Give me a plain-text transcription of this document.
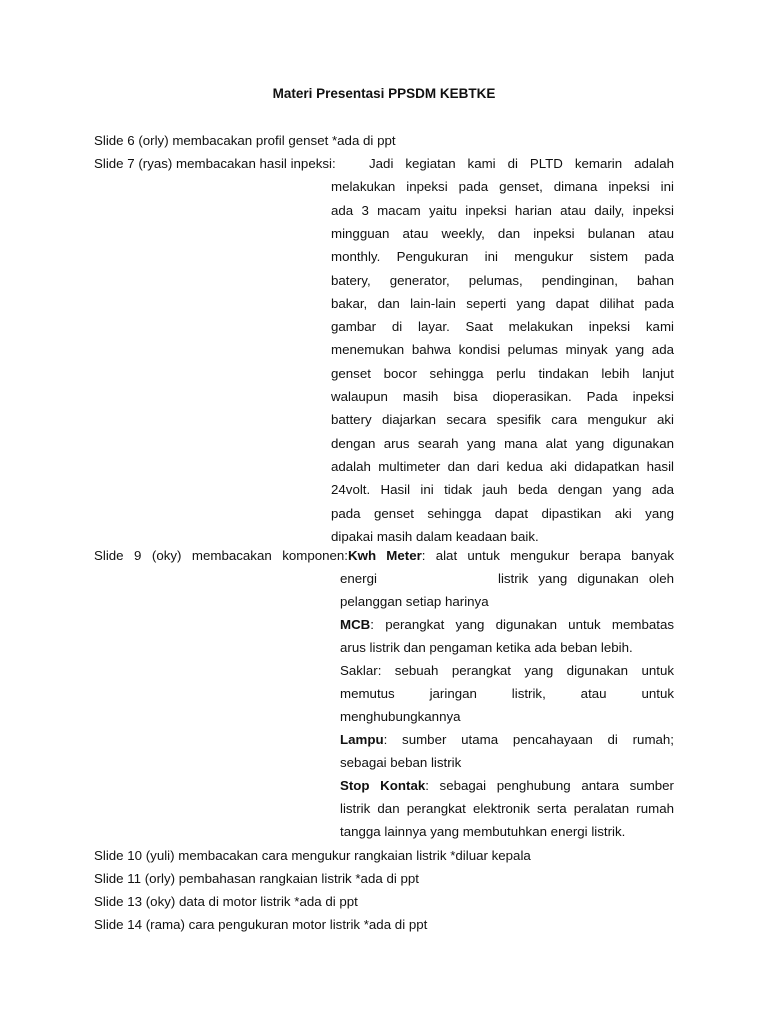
Materi Presentasi PPSDM KEBTKE
Slide 6 (orly) membacakan profil genset *ada di ppt
Slide 7 (ryas) membacakan hasil inpeksi:	Jadi kegiatan kami di PLTD kemarin adalah
melakukan inpeksi pada genset, dimana inpeksi ini
ada 3 macam yaitu inpeksi harian atau daily, inpeksi
mingguan atau weekly, dan inpeksi bulanan atau
monthly. Pengukuran ini mengukur sistem pada
batery, generator, pelumas, pendinginan, bahan
bakar, dan lain-lain seperti yang dapat dilihat pada
gambar di layar. Saat melakukan inpeksi kami
menemukan bahwa kondisi pelumas minyak yang ada
genset bocor sehingga perlu tindakan lebih lanjut
walaupun masih bisa dioperasikan. Pada inpeksi
battery diajarkan secara spesifik cara mengukur aki
dengan arus searah yang mana alat yang digunakan
adalah multimeter dan dari kedua aki didapatkan hasil
24volt. Hasil ini tidak jauh beda dengan yang ada
pada genset sehingga dapat dipastikan aki yang
dipakai masih dalam keadaan baik.
Slide 9 (oky) membacakan komponen: Kwh Meter: alat untuk mengukur berapa banyak
energi	listrik yang digunakan oleh
pelanggan setiap harinya
MCB: perangkat yang digunakan untuk membatas
arus listrik dan pengaman ketika ada beban lebih.
Saklar: sebuah perangkat yang digunakan untuk
memutus jaringan listrik, atau untuk
menghubungkannya
Lampu: sumber utama pencahayaan di rumah;
sebagai beban listrik
Stop Kontak: sebagai penghubung antara sumber
listrik dan perangkat elektronik serta peralatan rumah
tangga lainnya yang membutuhkan energi listrik.
Slide 10 (yuli) membacakan cara mengukur rangkaian listrik *diluar kepala
Slide 11 (orly) pembahasan rangkaian listrik *ada di ppt
Slide 13 (oky) data di motor listrik *ada di ppt
Slide 14 (rama) cara pengukuran motor listrik *ada di ppt
